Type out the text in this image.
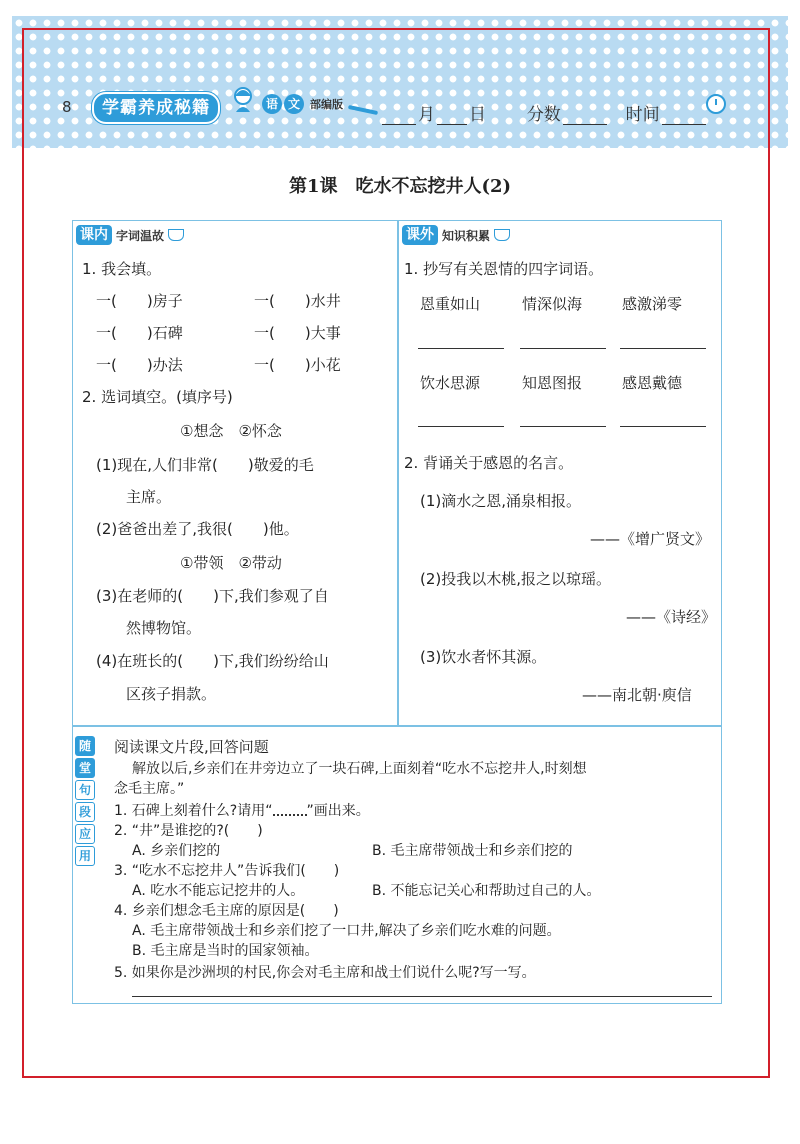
8	学霸养成秘籍	语 文 部编版
月 日 分数	时间
第1课　吃水不忘挖井人(2)
课内 字词温故
1. 我会填。
一(　　)房子	一(　　)水井
一(　　)石碑	一(　　)大事
一(　　)办法	一(　　)小花
2. 选词填空。(填序号)
①想念　②怀念
(1)现在,人们非常(　　)敬爱的毛
主席。
(2)爸爸出差了,我很(　　)他。
①带领　②带动
(3)在老师的(　　)下,我们参观了自
然博物馆。
(4)在班长的(　　)下,我们纷纷给山
区孩子捐款。
课外 知识积累
1. 抄写有关恩情的四字词语。
恩重如山	情深似海	感激涕零
饮水思源	知恩图报	感恩戴德
2. 背诵关于感恩的名言。
(1)滴水之恩,涌泉相报。
——《增广贤文》
(2)投我以木桃,报之以琼瑶。
——《诗经》
(3)饮水者怀其源。
——南北朝·庾信
随
堂
句
段
应
用
阅读课文片段,回答问题
解放以后,乡亲们在井旁边立了一块石碑,上面刻着“吃水不忘挖井人,时刻想
念毛主席。”
1. 石碑上刻着什么?请用“ ”画出来。
2. “井”是谁挖的?(　　)
A. 乡亲们挖的	B. 毛主席带领战士和乡亲们挖的
3. “吃水不忘挖井人”告诉我们(　　)
A. 吃水不能忘记挖井的人。	B. 不能忘记关心和帮助过自己的人。
4. 乡亲们想念毛主席的原因是(　　)
A. 毛主席带领战士和乡亲们挖了一口井,解决了乡亲们吃水难的问题。
B. 毛主席是当时的国家领袖。
5. 如果你是沙洲坝的村民,你会对毛主席和战士们说什么呢?写一写。
